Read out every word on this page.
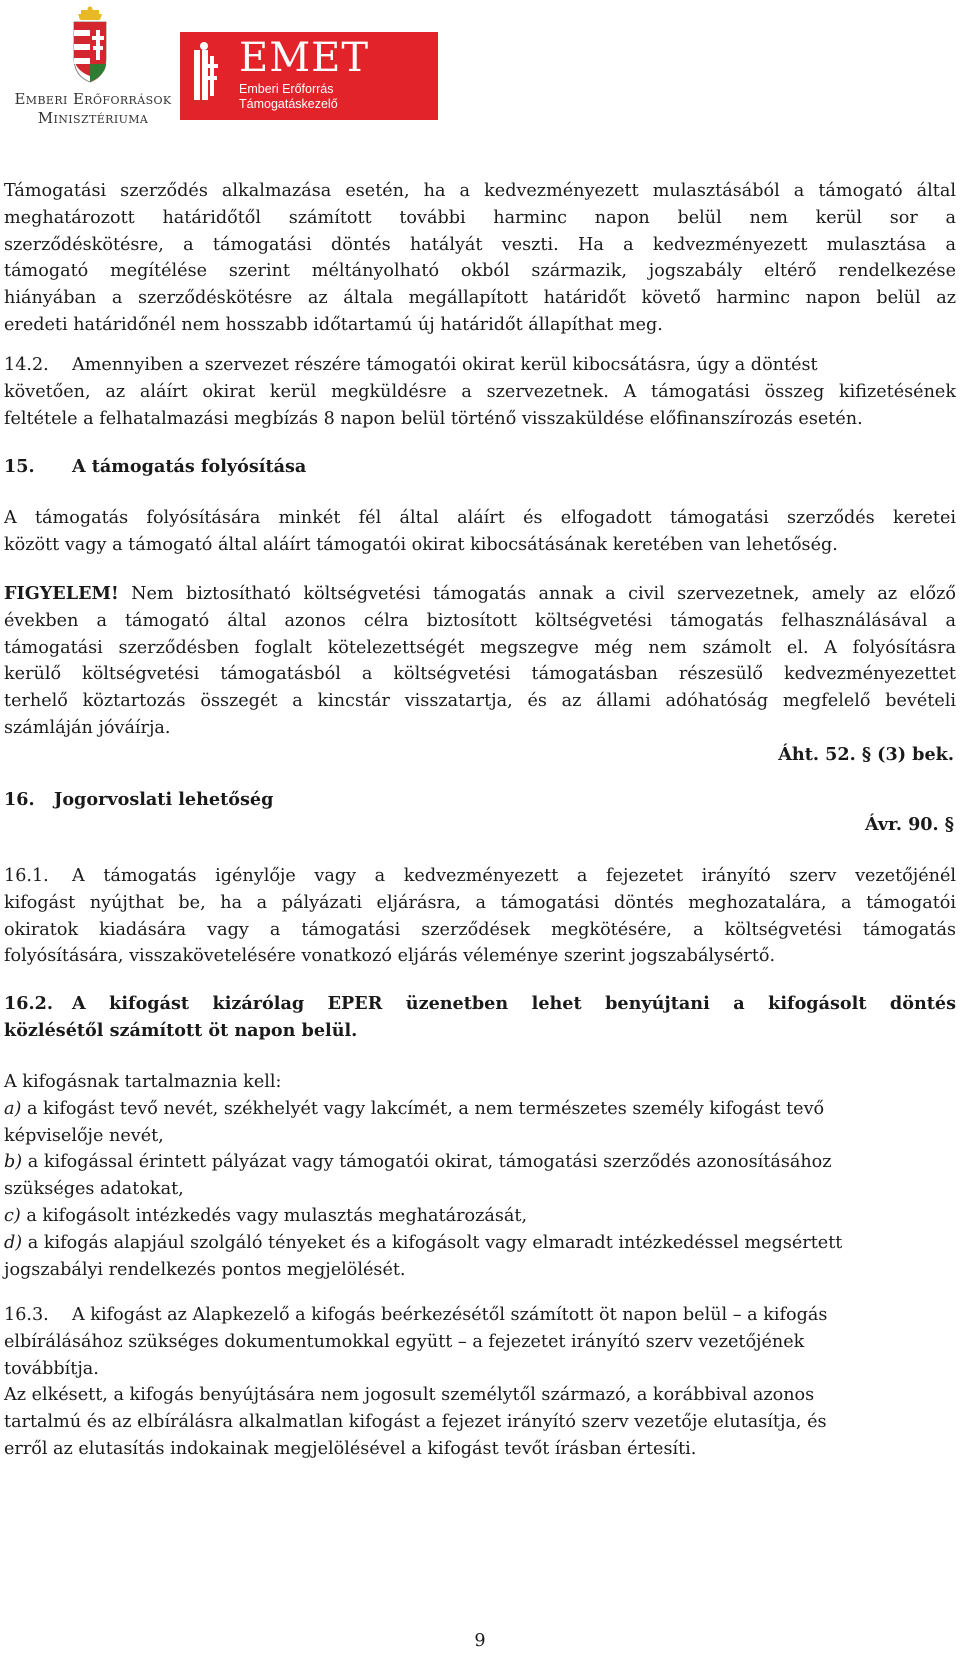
Emberi Erőforrások
Minisztériuma
EMET
Emberi Erőforrás
Támogatáskezelő
Támogatási szerződés alkalmazása esetén, ha a kedvezményezett mulasztásából a támogató által
meghatározott határidőtől számított további harminc napon belül nem kerül sor a
szerződéskötésre, a támogatási döntés hatályát veszti. Ha a kedvezményezett mulasztása a
támogató megítélése szerint méltányolható okból származik, jogszabály eltérő rendelkezése
hiányában a szerződéskötésre az általa megállapított határidőt követő harminc napon belül az
eredeti határidőnél nem hosszabb időtartamú új határidőt állapíthat meg.
14.2. Amennyiben a szervezet részére támogatói okirat kerül kibocsátásra, úgy a döntést
követően, az aláírt okirat kerül megküldésre a szervezetnek. A támogatási összeg kifizetésének
feltétele a felhatalmazási megbízás 8 napon belül történő visszaküldése előfinanszírozás esetén.
15. A támogatás folyósítása
A támogatás folyósítására minkét fél által aláírt és elfogadott támogatási szerződés keretei
között vagy a támogató által aláírt támogatói okirat kibocsátásának keretében van lehetőség.
FIGYELEM! Nem biztosítható költségvetési támogatás annak a civil szervezetnek, amely az előző
években a támogató által azonos célra biztosított költségvetési támogatás felhasználásával a
támogatási szerződésben foglalt kötelezettségét megszegve még nem számolt el. A folyósításra
kerülő költségvetési támogatásból a költségvetési támogatásban részesülő kedvezményezettet
terhelő köztartozás összegét a kincstár visszatartja, és az állami adóhatóság megfelelő bevételi
számláján jóváírja.
Áht. 52. § (3) bek.
16. Jogorvoslati lehetőség
Ávr. 90. §
16.1. A támogatás igénylője vagy a kedvezményezett a fejezetet irányító szerv vezetőjénél
kifogást nyújthat be, ha a pályázati eljárásra, a támogatási döntés meghozatalára, a támogatói
okiratok kiadására vagy a támogatási szerződések megkötésére, a költségvetési támogatás
folyósítására, visszakövetelésére vonatkozó eljárás véleménye szerint jogszabálysértő.
16.2. A kifogást kizárólag EPER üzenetben lehet benyújtani a kifogásolt döntés
közlésétől számított öt napon belül.
A kifogásnak tartalmaznia kell:
a) a kifogást tevő nevét, székhelyét vagy lakcímét, a nem természetes személy kifogást tevő
képviselője nevét,
b) a kifogással érintett pályázat vagy támogatói okirat, támogatási szerződés azonosításához
szükséges adatokat,
c) a kifogásolt intézkedés vagy mulasztás meghatározását,
d) a kifogás alapjául szolgáló tényeket és a kifogásolt vagy elmaradt intézkedéssel megsértett
jogszabályi rendelkezés pontos megjelölését.
16.3. A kifogást az Alapkezelő a kifogás beérkezésétől számított öt napon belül – a kifogás
elbírálásához szükséges dokumentumokkal együtt – a fejezetet irányító szerv vezetőjének
továbbítja.
Az elkésett, a kifogás benyújtására nem jogosult személytől származó, a korábbival azonos
tartalmú és az elbírálásra alkalmatlan kifogást a fejezet irányító szerv vezetője elutasítja, és
erről az elutasítás indokainak megjelölésével a kifogást tevőt írásban értesíti.
9
